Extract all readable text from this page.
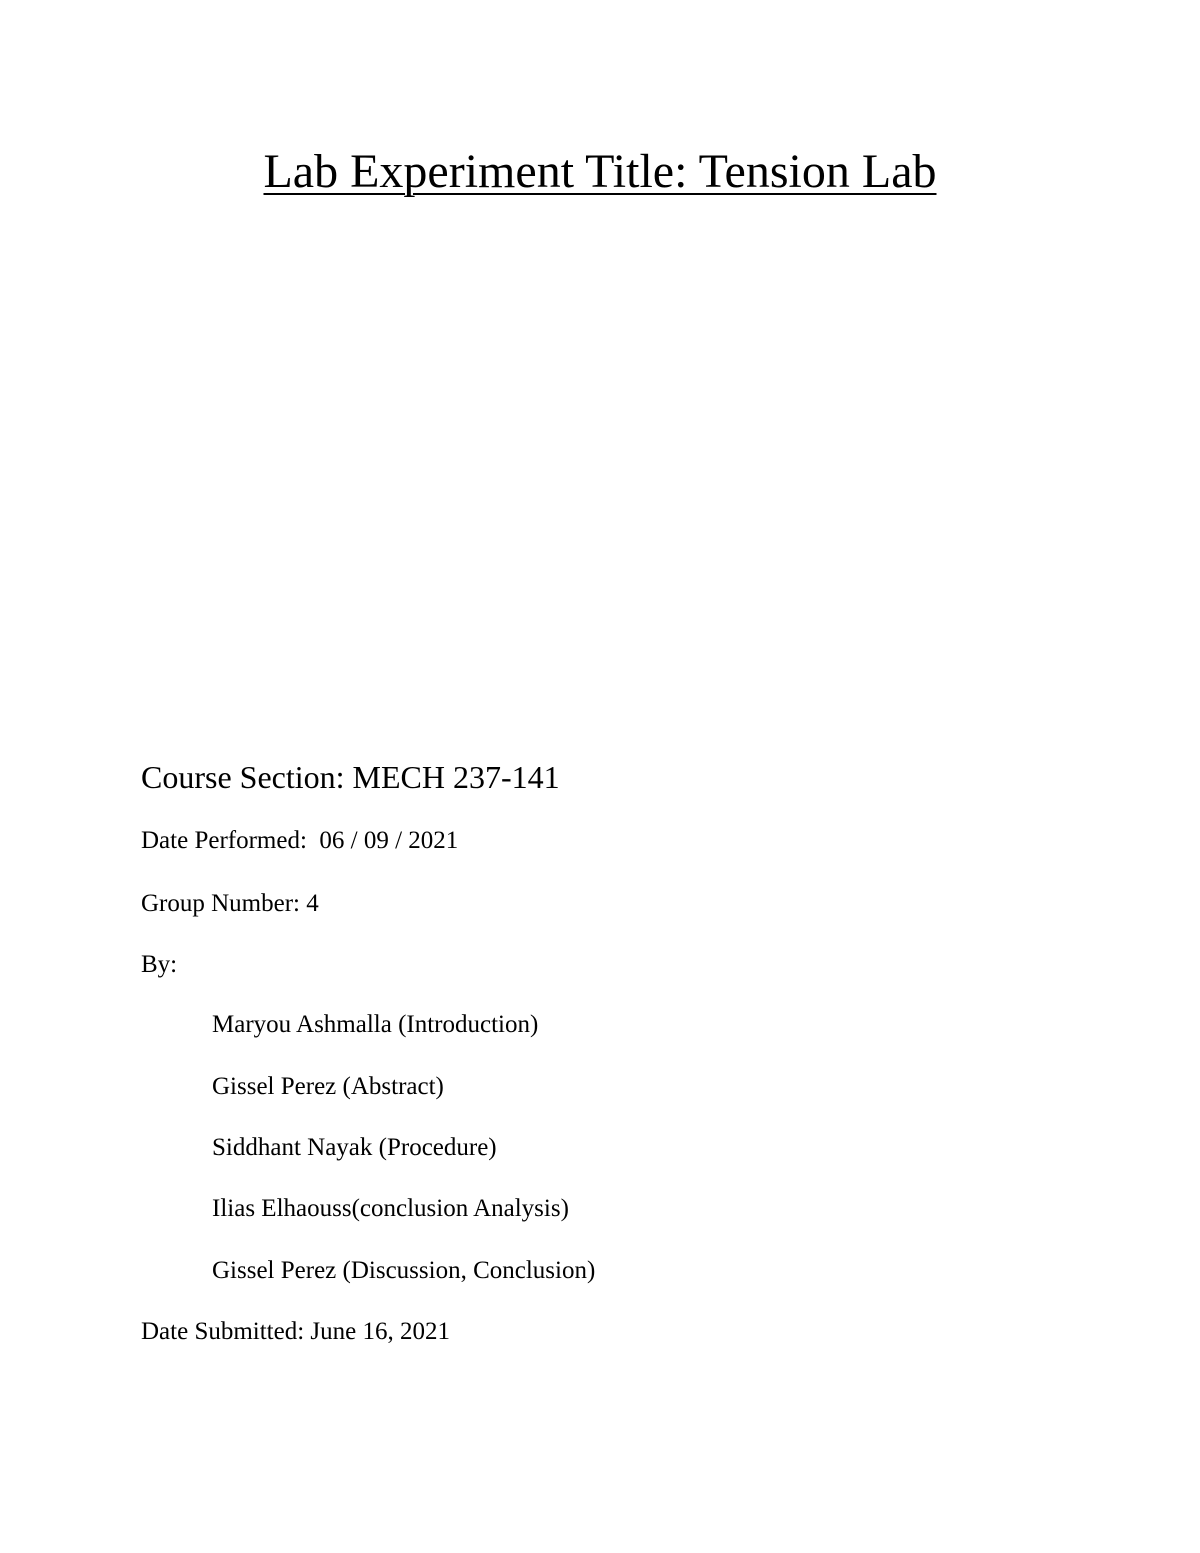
Lab Experiment Title: Tension Lab
Course Section: MECH 237-141
Date Performed:  06 / 09 / 2021
Group Number: 4
By:
Maryou Ashmalla (Introduction)
Gissel Perez (Abstract)
Siddhant Nayak (Procedure)
Ilias Elhaouss(conclusion Analysis)
Gissel Perez (Discussion, Conclusion)
Date Submitted: June 16, 2021
